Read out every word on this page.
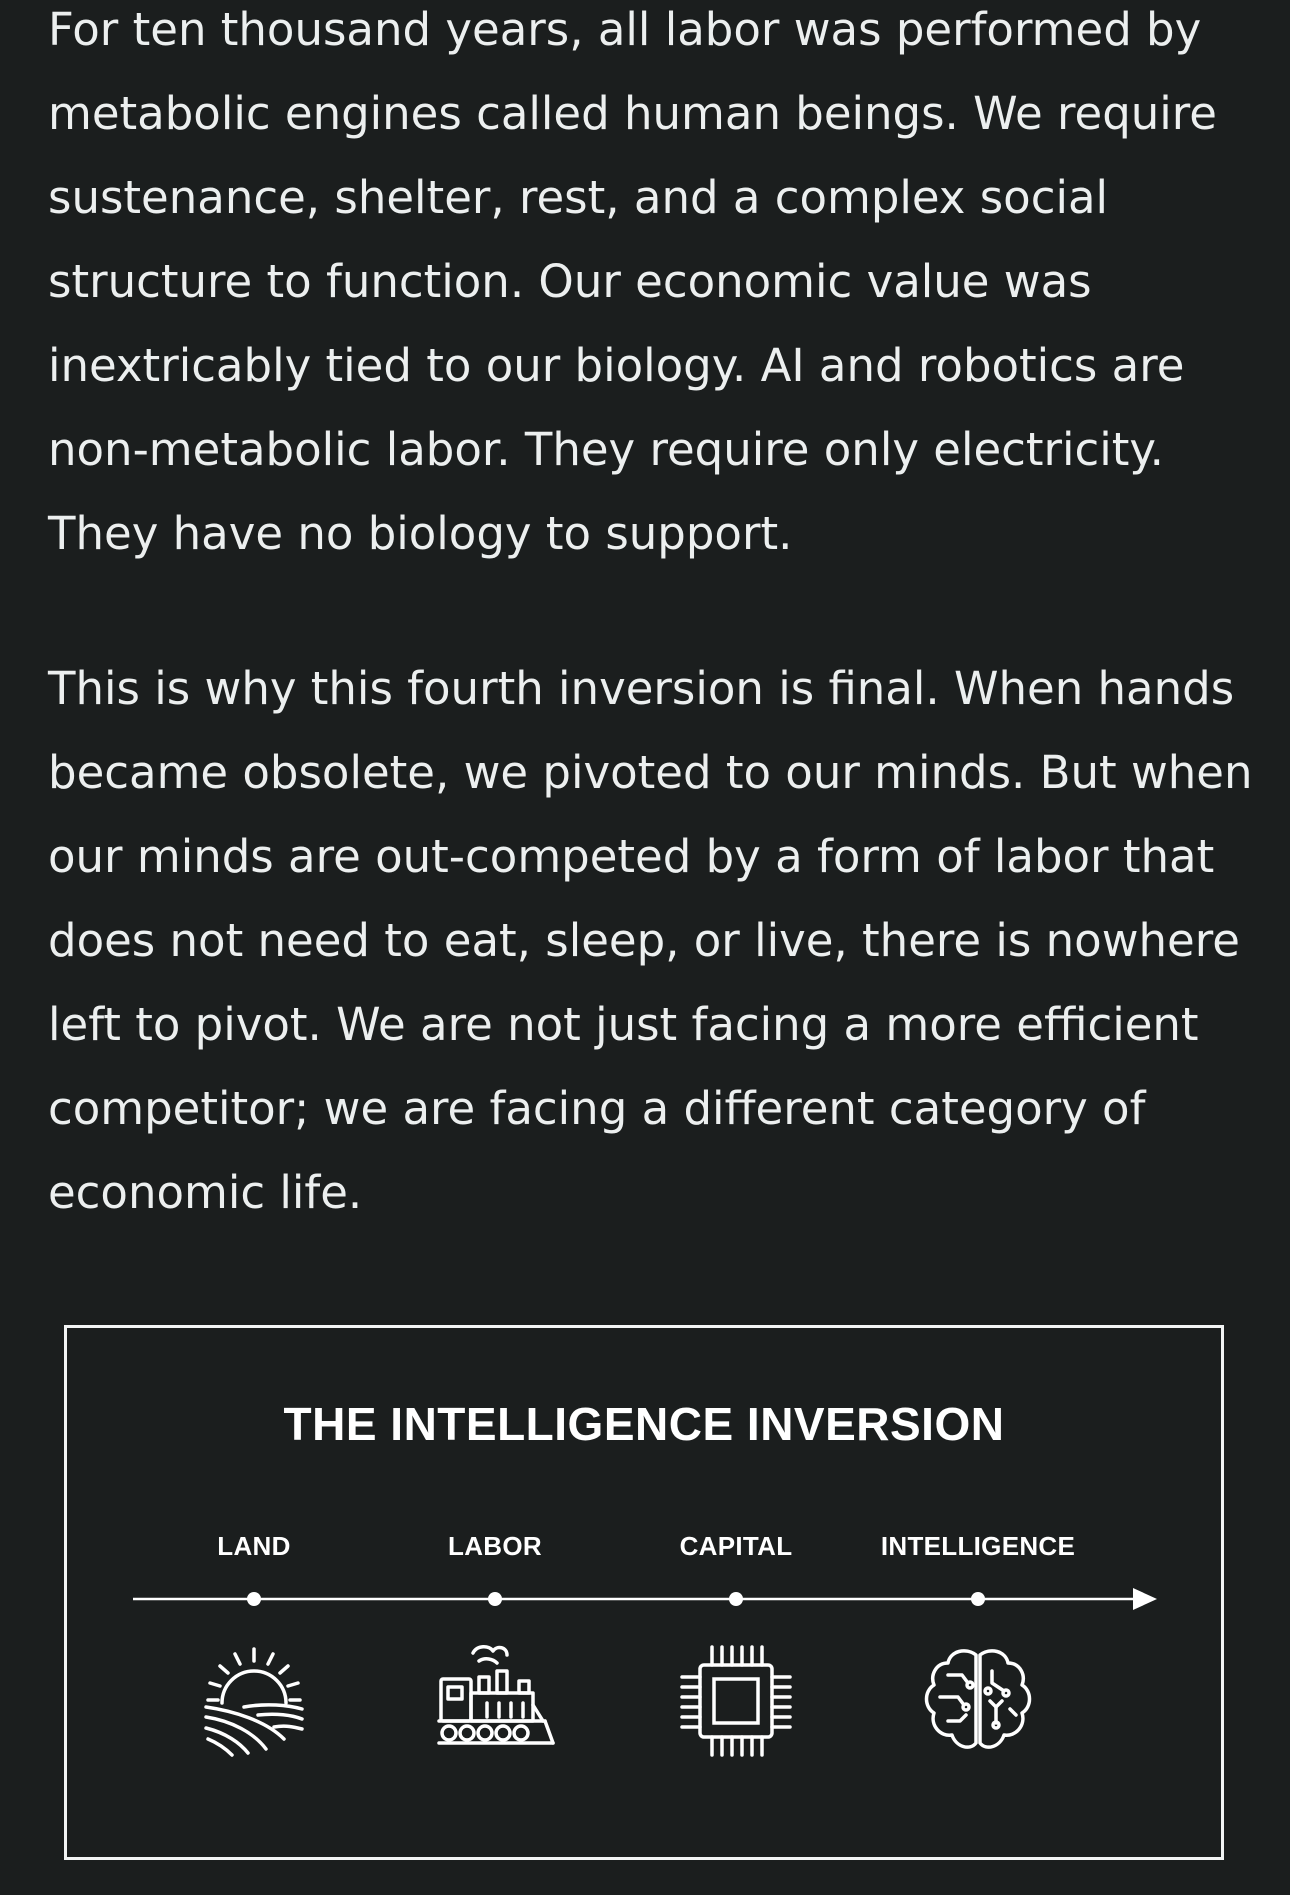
For ten thousand years, all labor was performed by metabolic engines called human beings. We require sustenance, shelter, rest, and a complex social structure to function. Our economic value was inextricably tied to our biology. AI and robotics are non-metabolic labor. They require only electricity. They have no biology to support.

This is why this fourth inversion is final. When hands became obsolete, we pivoted to our minds. But when our minds are out-competed by a form of labor that does not need to eat, sleep, or live, there is nowhere left to pivot. We are not just facing a more efficient competitor; we are facing a different category of economic life.

THE INTELLIGENCE INVERSION
LAND	LABOR	CAPITAL	INTELLIGENCE
